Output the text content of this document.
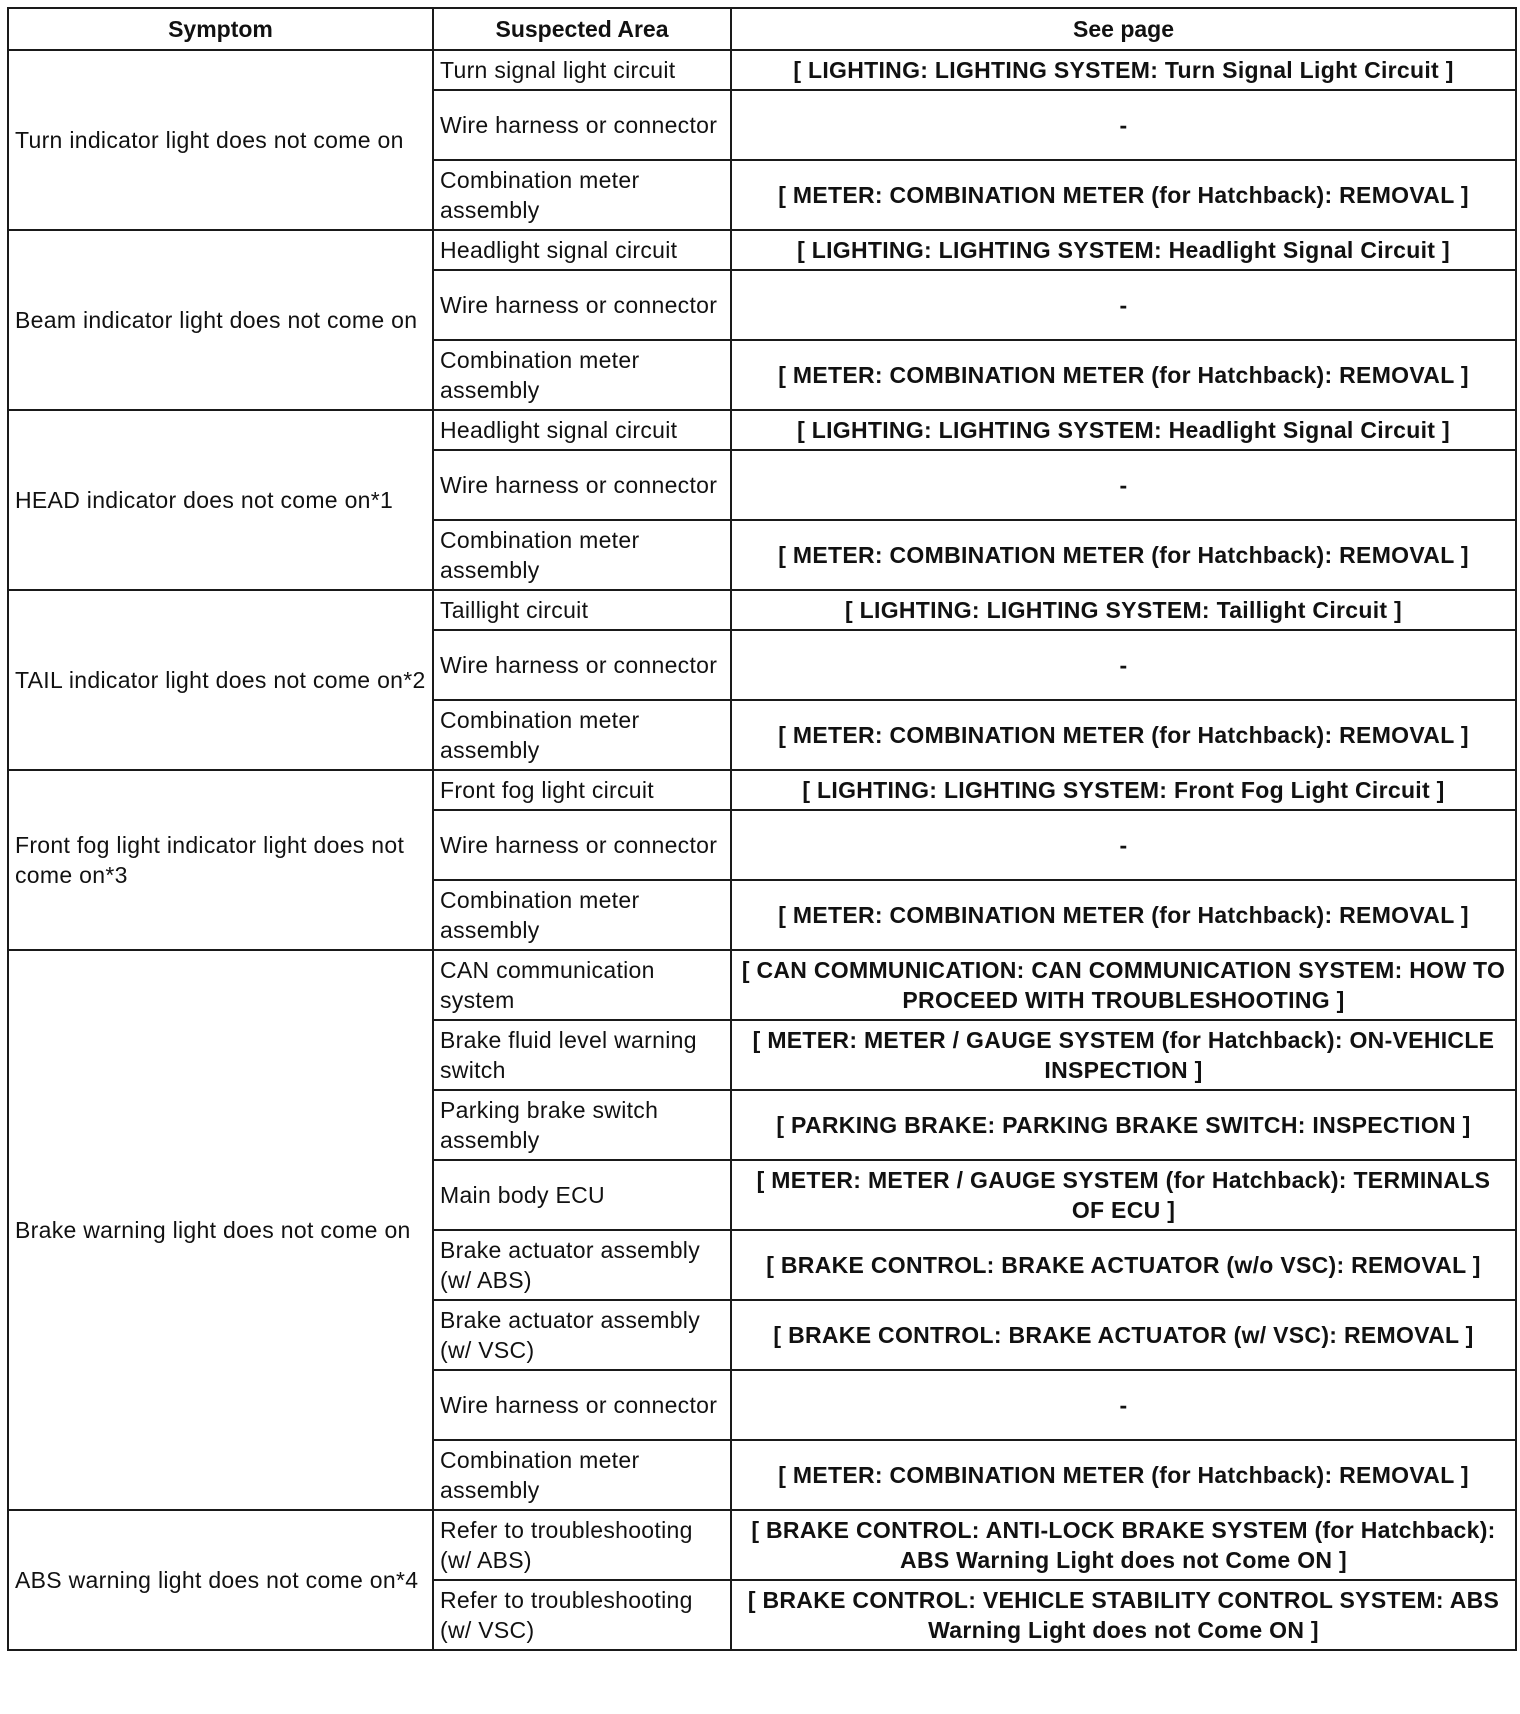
Symptom	Suspected Area	See page
Turn indicator light does not come on	Turn signal light circuit	[ LIGHTING: LIGHTING SYSTEM: Turn Signal Light Circuit ]
	Wire harness or connector	-
	Combination meter assembly	[ METER: COMBINATION METER (for Hatchback): REMOVAL ]
Beam indicator light does not come on	Headlight signal circuit	[ LIGHTING: LIGHTING SYSTEM: Headlight Signal Circuit ]
	Wire harness or connector	-
	Combination meter assembly	[ METER: COMBINATION METER (for Hatchback): REMOVAL ]
HEAD indicator does not come on*1	Headlight signal circuit	[ LIGHTING: LIGHTING SYSTEM: Headlight Signal Circuit ]
	Wire harness or connector	-
	Combination meter assembly	[ METER: COMBINATION METER (for Hatchback): REMOVAL ]
TAIL indicator light does not come on*2	Taillight circuit	[ LIGHTING: LIGHTING SYSTEM: Taillight Circuit ]
	Wire harness or connector	-
	Combination meter assembly	[ METER: COMBINATION METER (for Hatchback): REMOVAL ]
Front fog light indicator light does not come on*3	Front fog light circuit	[ LIGHTING: LIGHTING SYSTEM: Front Fog Light Circuit ]
	Wire harness or connector	-
	Combination meter assembly	[ METER: COMBINATION METER (for Hatchback): REMOVAL ]
Brake warning light does not come on	CAN communication system	[ CAN COMMUNICATION: CAN COMMUNICATION SYSTEM: HOW TO PROCEED WITH TROUBLESHOOTING ]
	Brake fluid level warning switch	[ METER: METER / GAUGE SYSTEM (for Hatchback): ON-VEHICLE INSPECTION ]
	Parking brake switch assembly	[ PARKING BRAKE: PARKING BRAKE SWITCH: INSPECTION ]
	Main body ECU	[ METER: METER / GAUGE SYSTEM (for Hatchback): TERMINALS OF ECU ]
	Brake actuator assembly (w/ ABS)	[ BRAKE CONTROL: BRAKE ACTUATOR (w/o VSC): REMOVAL ]
	Brake actuator assembly (w/ VSC)	[ BRAKE CONTROL: BRAKE ACTUATOR (w/ VSC): REMOVAL ]
	Wire harness or connector	-
	Combination meter assembly	[ METER: COMBINATION METER (for Hatchback): REMOVAL ]
ABS warning light does not come on*4	Refer to troubleshooting (w/ ABS)	[ BRAKE CONTROL: ANTI-LOCK BRAKE SYSTEM (for Hatchback): ABS Warning Light does not Come ON ]
	Refer to troubleshooting (w/ VSC)	[ BRAKE CONTROL: VEHICLE STABILITY CONTROL SYSTEM: ABS Warning Light does not Come ON ]
